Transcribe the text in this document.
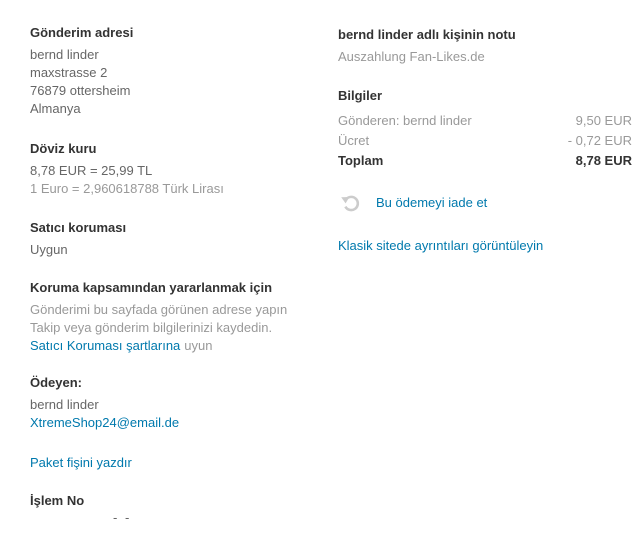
Gönderim adresi
bernd linder
maxstrasse 2
76879 ottersheim
Almanya
Döviz kuru
8,78 EUR = 25,99 TL
1 Euro = 2,960618788 Türk Lirası
Satıcı koruması
Uygun
Koruma kapsamından yararlanmak için
Gönderimi bu sayfada görünen adrese yapın
Takip veya gönderim bilgilerinizi kaydedin.
Satıcı Koruması şartlarına uyun
Ödeyen:
bernd linder
XtremeShop24@email.de
Paket fişini yazdır
İşlem No
- -
bernd linder adlı kişinin notu
Auszahlung Fan-Likes.de
Bilgiler
Gönderen: bernd linder	9,50 EUR
Ücret	- 0,72 EUR
Toplam	8,78 EUR
Bu ödemeyi iade et
Klasik sitede ayrıntıları görüntüleyin
